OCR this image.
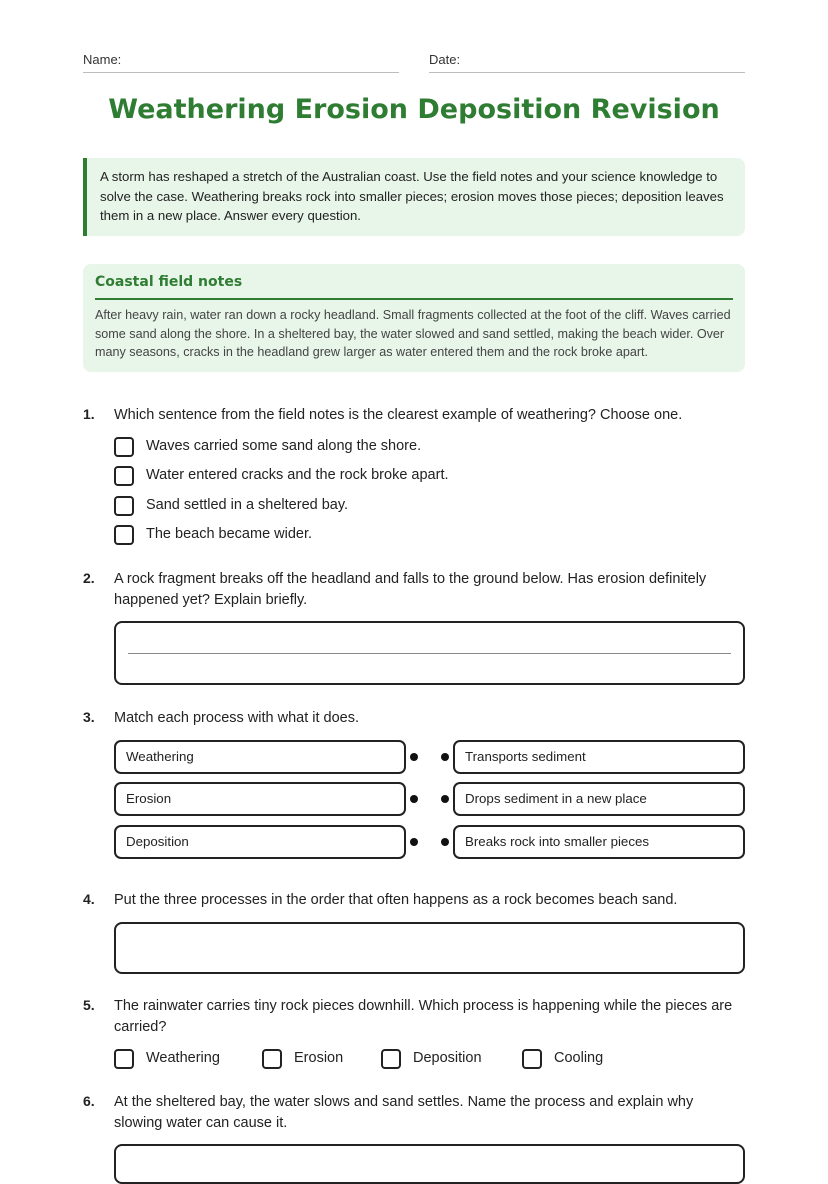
Name:	Date:
Weathering Erosion Deposition Revision
A storm has reshaped a stretch of the Australian coast. Use the field notes and your science knowledge to solve the case. Weathering breaks rock into smaller pieces; erosion moves those pieces; deposition leaves them in a new place. Answer every question.
Coastal field notes
After heavy rain, water ran down a rocky headland. Small fragments collected at the foot of the cliff. Waves carried some sand along the shore. In a sheltered bay, the water slowed and sand settled, making the beach wider. Over many seasons, cracks in the headland grew larger as water entered them and the rock broke apart.
1. Which sentence from the field notes is the clearest example of weathering? Choose one.
Waves carried some sand along the shore.
Water entered cracks and the rock broke apart.
Sand settled in a sheltered bay.
The beach became wider.
2. A rock fragment breaks off the headland and falls to the ground below. Has erosion definitely happened yet? Explain briefly.
3. Match each process with what it does.
Weathering	Transports sediment
Erosion	Drops sediment in a new place
Deposition	Breaks rock into smaller pieces
4. Put the three processes in the order that often happens as a rock becomes beach sand.
5. The rainwater carries tiny rock pieces downhill. Which process is happening while the pieces are carried?
Weathering	Erosion	Deposition	Cooling
6. At the sheltered bay, the water slows and sand settles. Name the process and explain why slowing water can cause it.
